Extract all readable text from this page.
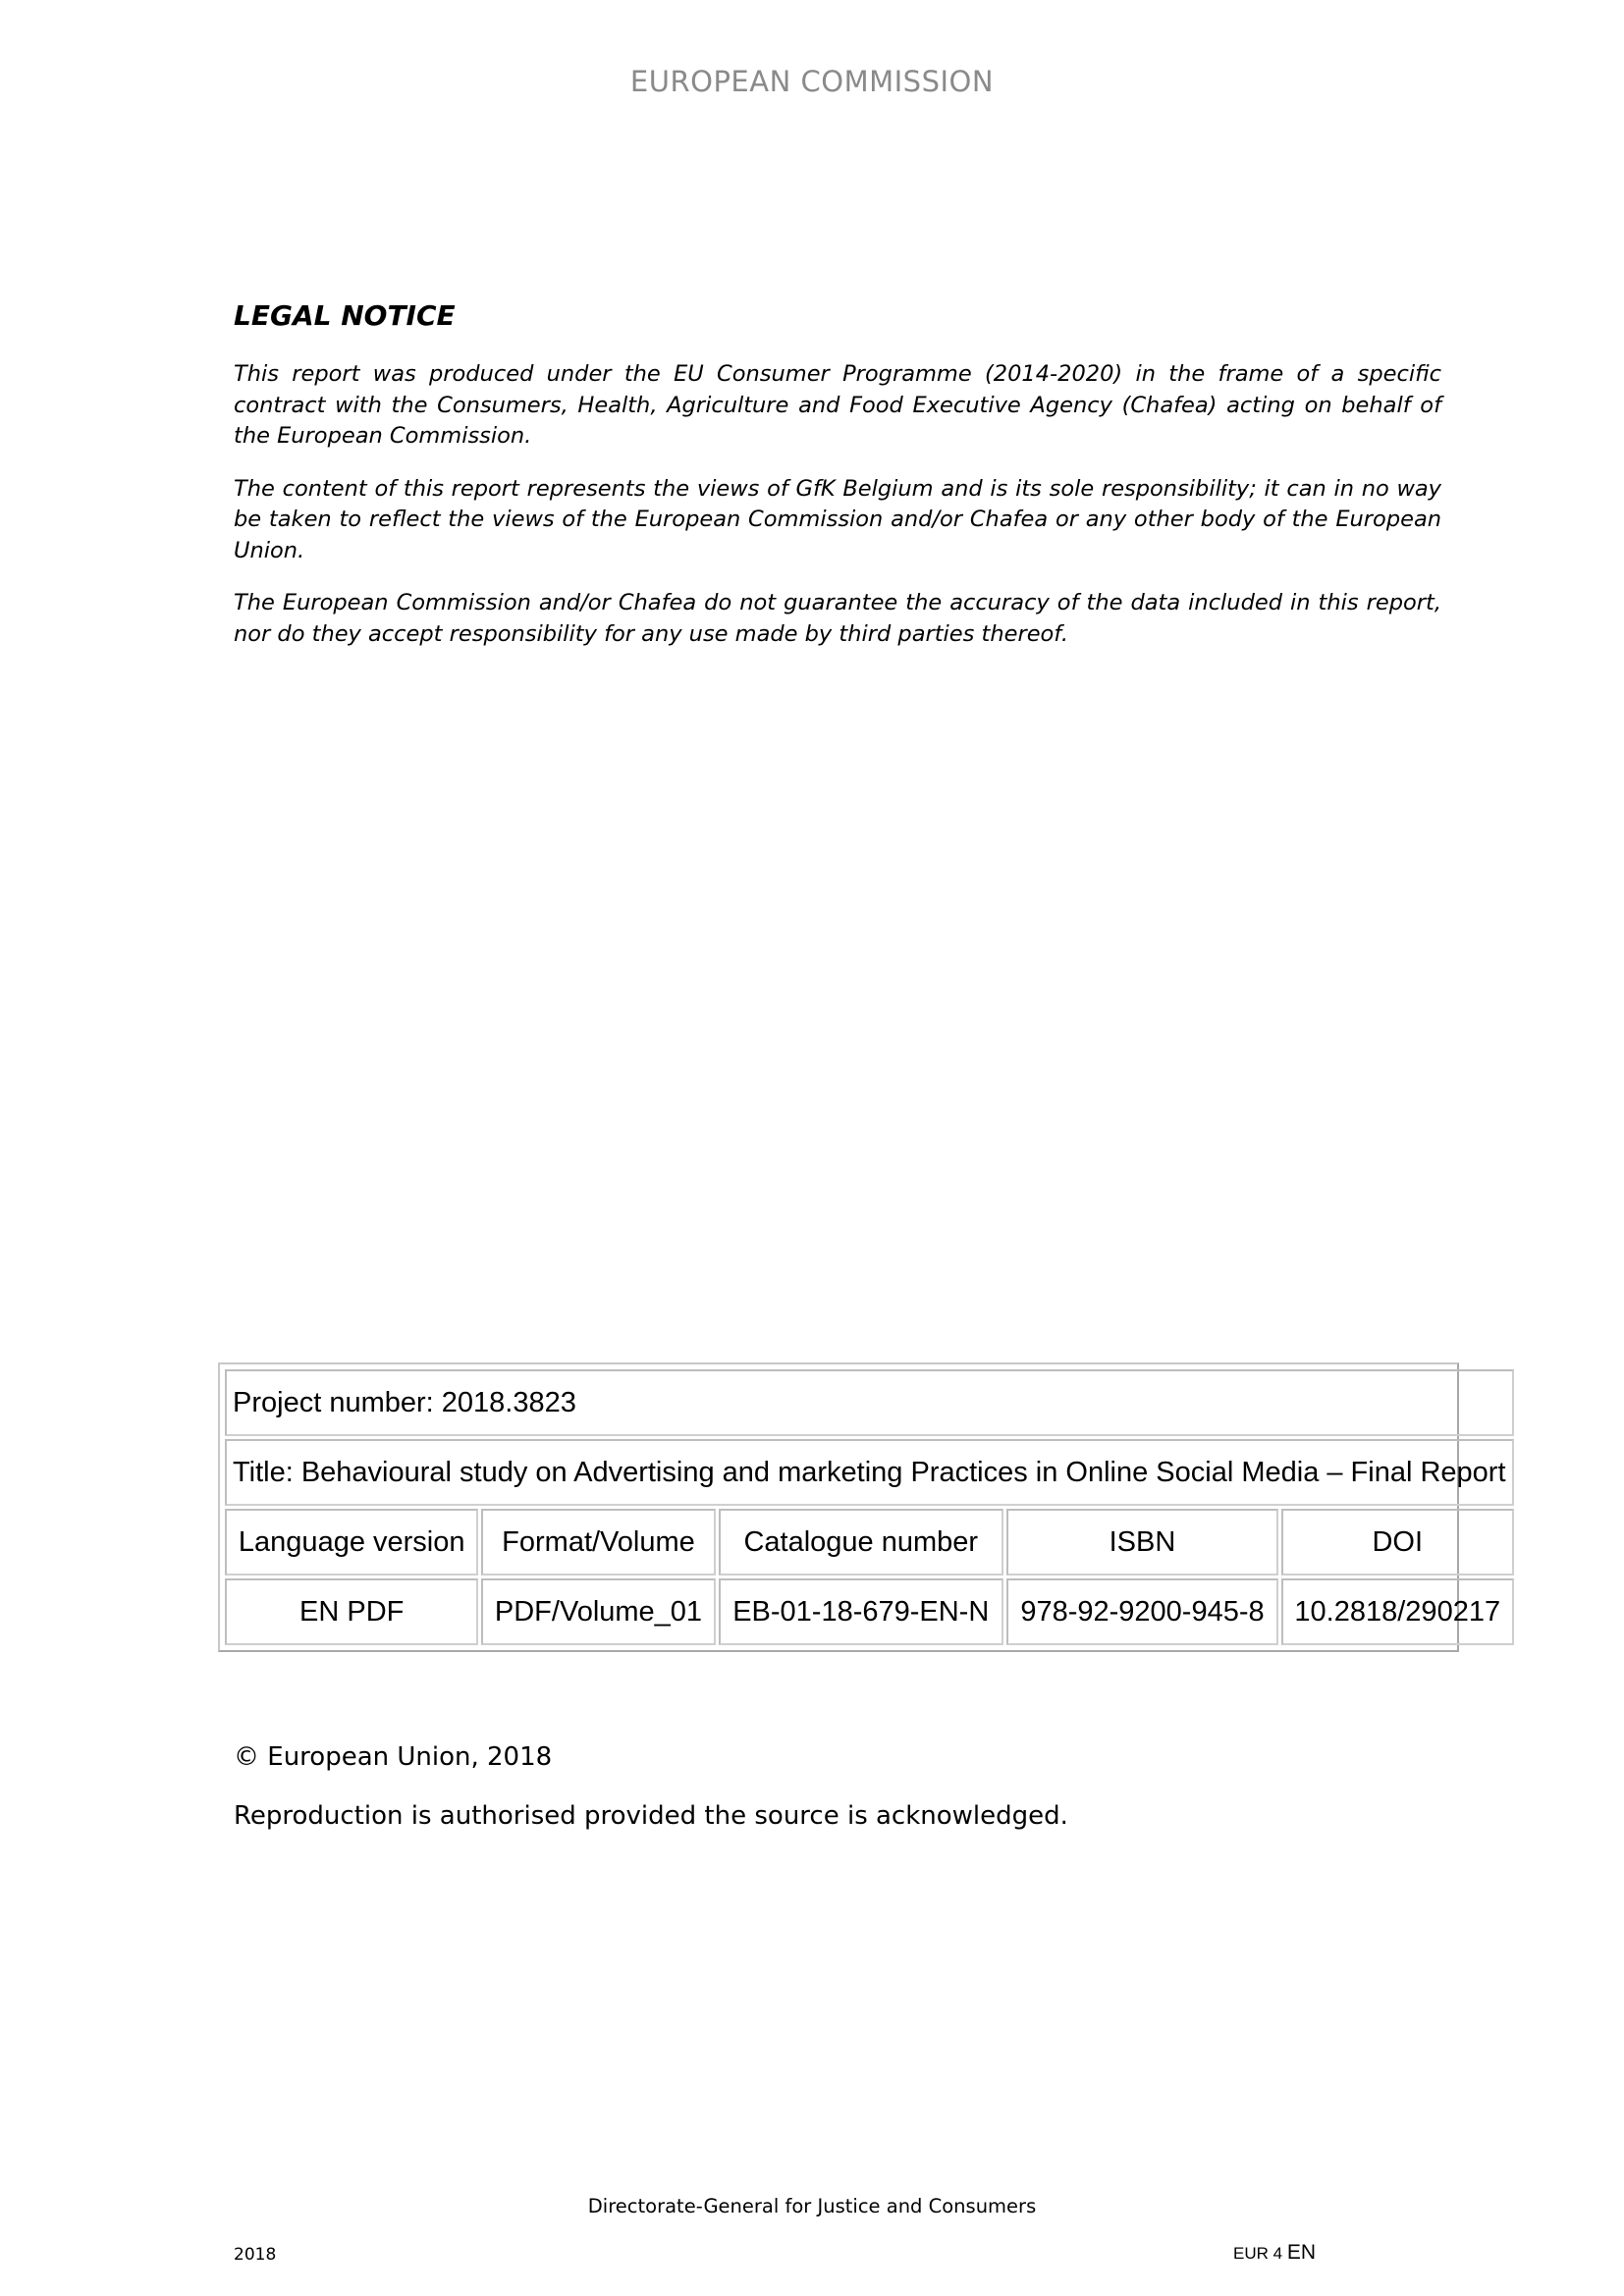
EUROPEAN COMMISSION
LEGAL NOTICE

This report was produced under the EU Consumer Programme (2014-2020) in the frame of a specific contract with the Consumers, Health, Agriculture and Food Executive Agency (Chafea) acting on behalf of the European Commission.

The content of this report represents the views of GfK Belgium and is its sole responsibility; it can in no way be taken to reflect the views of the European Commission and/or Chafea or any other body of the European Union.

The European Commission and/or Chafea do not guarantee the accuracy of the data included in this report, nor do they accept responsibility for any use made by third parties thereof.

Project number: 2018.3823				
Title: Behavioural study on Advertising and marketing Practices in Online Social Media – Final Report				
Language version	Format/Volume	Catalogue number	ISBN	DOI
EN PDF	PDF/Volume_01	EB-01-18-679-EN-N	978-92-9200-945-8	10.2818/290217
© European Union, 2018
Reproduction is authorised provided the source is acknowledged.
Directorate-General for Justice and Consumers
2018	EUR 4 EN
